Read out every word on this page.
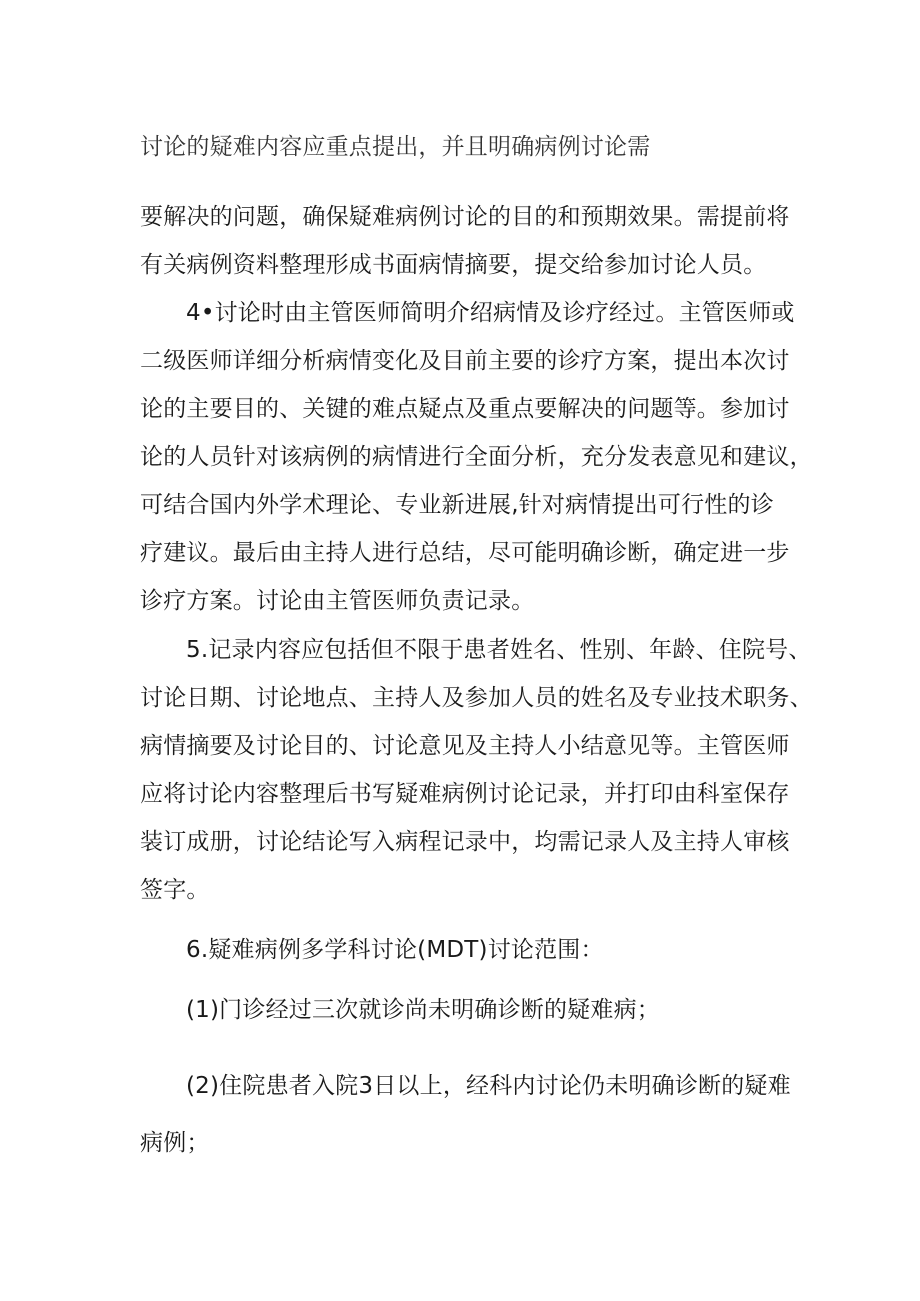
讨论的疑难内容应重点提出，并且明确病例讨论需
要解决的问题，确保疑难病例讨论的目的和预期效果。需提前将
有关病例资料整理形成书面病情摘要，提交给参加讨论人员。
4•讨论时由主管医师简明介绍病情及诊疗经过。主管医师或
二级医师详细分析病情变化及目前主要的诊疗方案，提出本次讨
论的主要目的、关键的难点疑点及重点要解决的问题等。参加讨
论的人员针对该病例的病情进行全面分析，充分发表意见和建议，
可结合国内外学术理论、专业新进展,针对病情提出可行性的诊
疗建议。最后由主持人进行总结，尽可能明确诊断，确定进一步
诊疗方案。讨论由主管医师负责记录。
5.记录内容应包括但不限于患者姓名、性别、年龄、住院号、
讨论日期、讨论地点、主持人及参加人员的姓名及专业技术职务、
病情摘要及讨论目的、讨论意见及主持人小结意见等。主管医师
应将讨论内容整理后书写疑难病例讨论记录，并打印由科室保存
装订成册，讨论结论写入病程记录中，均需记录人及主持人审核
签字。
6.疑难病例多学科讨论(MDT)讨论范围：
(1)门诊经过三次就诊尚未明确诊断的疑难病；
(2)住院患者入院3日以上，经科内讨论仍未明确诊断的疑难
病例；
